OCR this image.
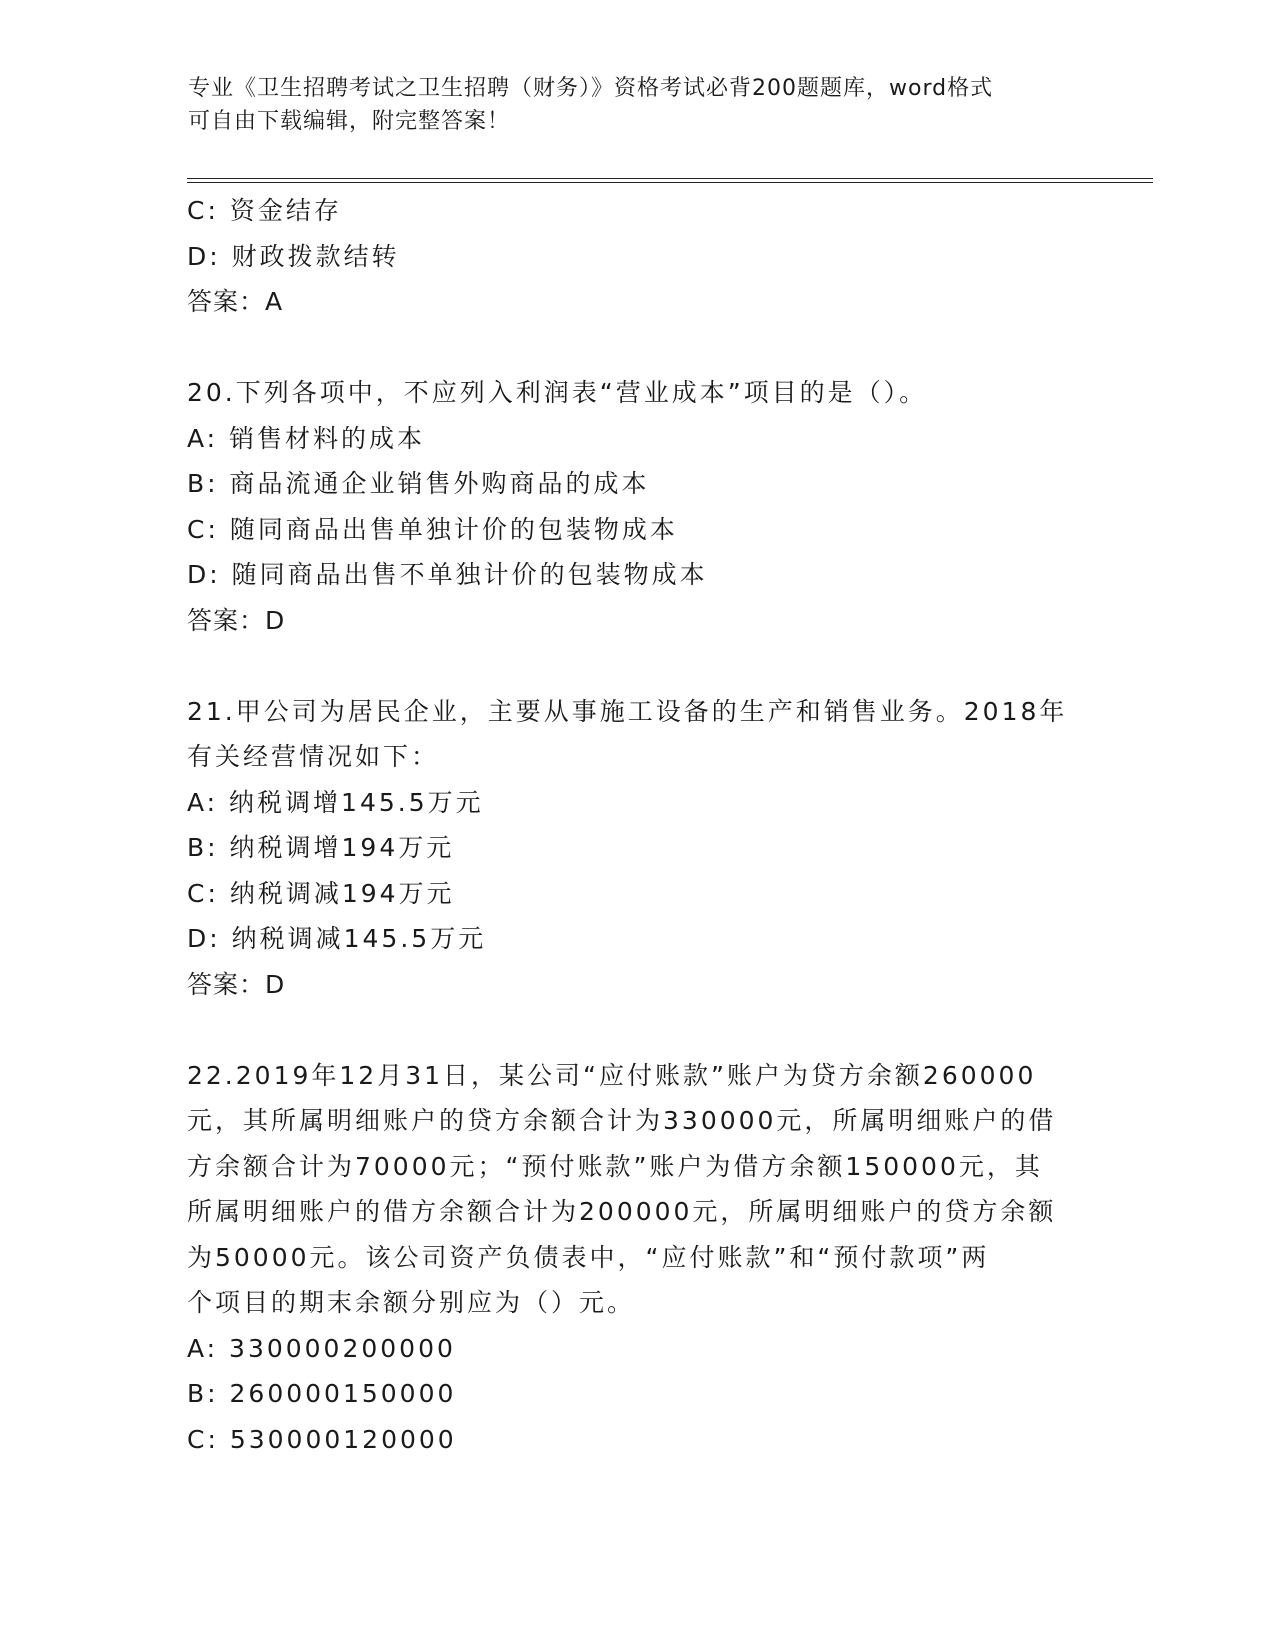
专业《卫生招聘考试之卫生招聘（财务）》资格考试必背200题题库，word格式
可自由下载编辑，附完整答案！
C: 资金结存
D: 财政拨款结转
答案：A
20.下列各项中，不应列入利润表“营业成本”项目的是（）。
A: 销售材料的成本
B: 商品流通企业销售外购商品的成本
C: 随同商品出售单独计价的包装物成本
D: 随同商品出售不单独计价的包装物成本
答案：D
21.甲公司为居民企业，主要从事施工设备的生产和销售业务。2018年
有关经营情况如下：
A: 纳税调增145.5万元
B: 纳税调增194万元
C: 纳税调减194万元
D: 纳税调减145.5万元
答案：D
22.2019年12月31日，某公司“应付账款”账户为贷方余额260000
元，其所属明细账户的贷方余额合计为330000元，所属明细账户的借
方余额合计为70000元；“预付账款”账户为借方余额150000元，其
所属明细账户的借方余额合计为200000元，所属明细账户的贷方余额
为50000元。该公司资产负债表中，“应付账款”和“预付款项”两
个项目的期末余额分别应为（）元。
A: 330000200000
B: 260000150000
C: 530000120000
